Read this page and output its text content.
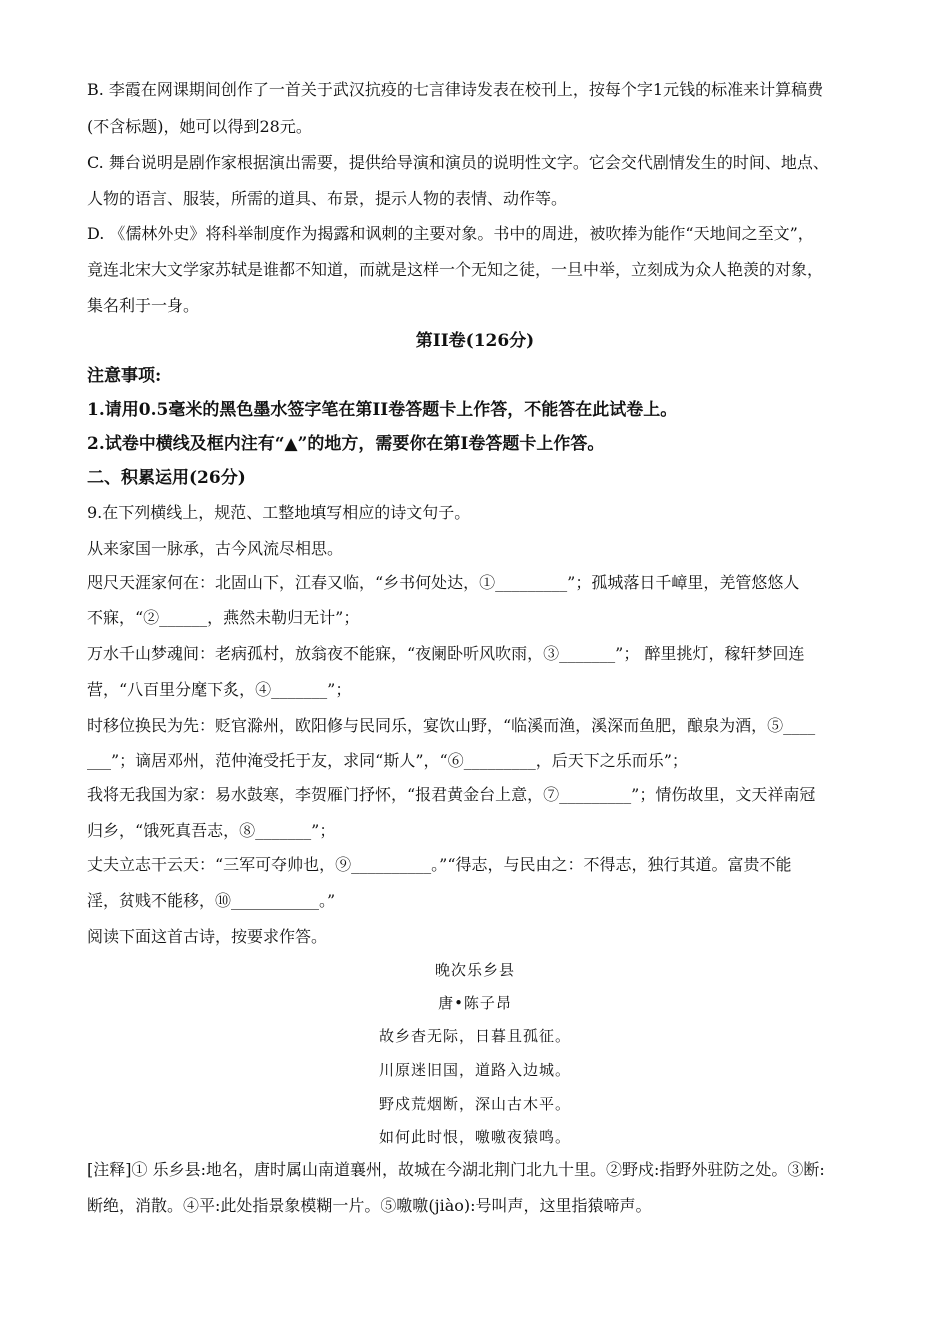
B. 李霞在网课期间创作了一首关于武汉抗疫的七言律诗发表在校刊上，按每个字1元钱的标准来计算稿费
(不含标题)，她可以得到28元。
C. 舞台说明是剧作家根据演出需要，提供给导演和演员的说明性文字。它会交代剧情发生的时间、地点、
人物的语言、服装，所需的道具、布景，提示人物的表情、动作等。
D. 《儒林外史》将科举制度作为揭露和讽刺的主要对象。书中的周进，被吹捧为能作“天地间之至文”，
竟连北宋大文学家苏轼是谁都不知道，而就是这样一个无知之徒，一旦中举，立刻成为众人艳羡的对象，
集名利于一身。
第II卷(126分)
注意事项:
1.请用0.5毫米的黑色墨水签字笔在第II卷答题卡上作答，不能答在此试卷上。
2.试卷中横线及框内注有“▲”的地方，需要你在第I卷答题卡上作答。
二、积累运用(26分)
9.在下列横线上，规范、工整地填写相应的诗文句子。
从来家国一脉承，古今风流尽相思。
咫尺天涯家何在：北固山下，江春又临，“乡书何处达，①_________”；孤城落日千嶂里，羌管悠悠人
不寐，“②______，燕然未勒归无计”；
万水千山梦魂间：老病孤村，放翁夜不能寐，“夜阑卧听风吹雨，③_______”； 醉里挑灯，稼轩梦回连
营，“八百里分麾下炙，④_______”；
时移位换民为先：贬官滁州，欧阳修与民同乐，宴饮山野，“临溪而渔，溪深而鱼肥，酿泉为酒，⑤____
___”；谪居邓州，范仲淹受托于友，求同“斯人”，“⑥_________，后天下之乐而乐”；
我将无我国为家：易水鼓寒，李贺雁门抒怀，“报君黄金台上意，⑦_________”；情伤故里，文天祥南冠
归乡，“饿死真吾志，⑧_______”；
丈夫立志干云天：“三军可夺帅也，⑨__________。”“得志，与民由之：不得志，独行其道。富贵不能
淫，贫贱不能移，⑩___________。”
阅读下面这首古诗，按要求作答。
晚次乐乡县
唐•陈子昂
故乡杳无际，日暮且孤征。
川原迷旧国，道路入边城。
野戍荒烟断，深山古木平。
如何此时恨，噭噭夜猿鸣。
[注释]① 乐乡县:地名，唐时属山南道襄州，故城在今湖北荆门北九十里。②野戍:指野外驻防之处。③断:
断绝，消散。④平:此处指景象模糊一片。⑤噭噭(jiào):号叫声，这里指猿啼声。
